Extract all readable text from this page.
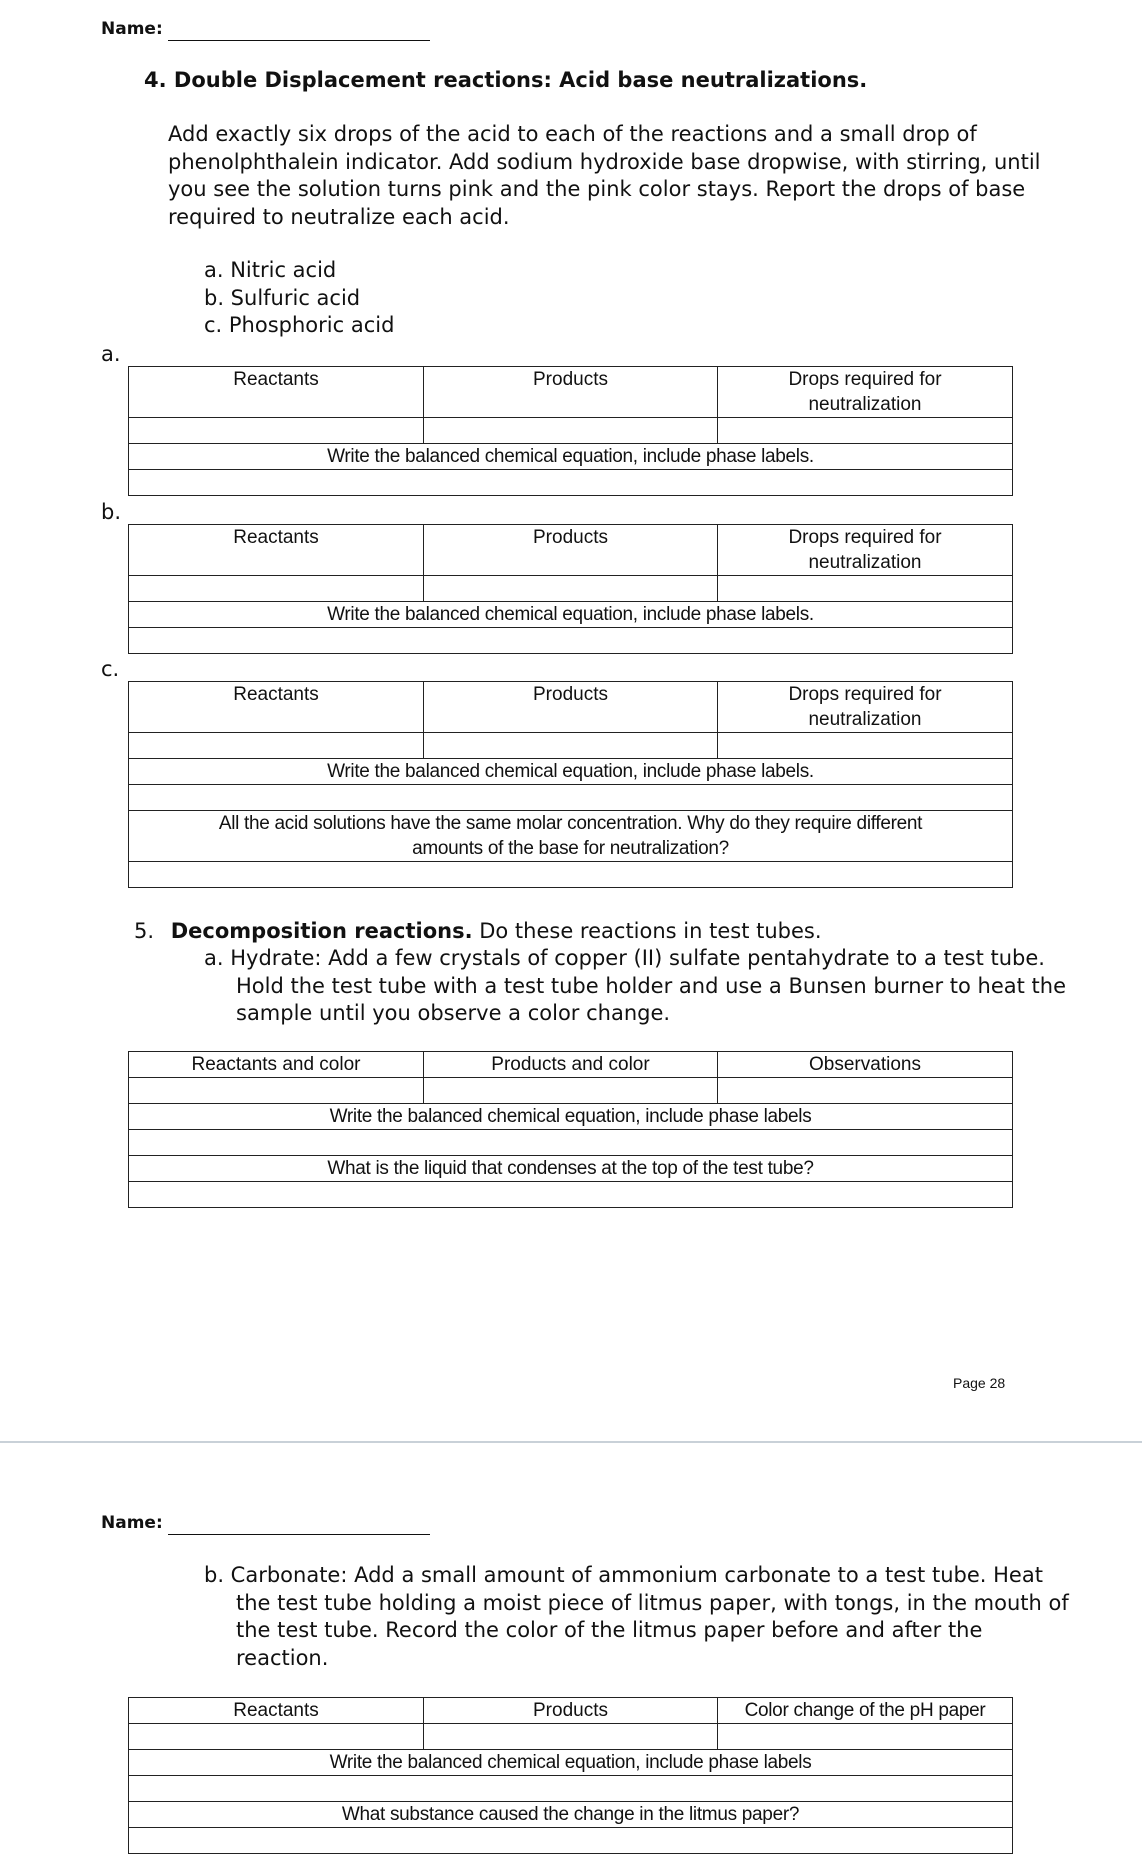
Name:
4. Double Displacement reactions: Acid base neutralizations.
Add exactly six drops of the acid to each of the reactions and a small drop of
phenolphthalein indicator. Add sodium hydroxide base dropwise, with stirring, until
you see the solution turns pink and the pink color stays. Report the drops of base
required to neutralize each acid.
a. Nitric acid
b. Sulfuric acid
c. Phosphoric acid
a.
Reactants	Products	Drops required for
neutralization

Write the balanced chemical equation, include phase labels.		

b.
Reactants	Products	Drops required for
neutralization

Write the balanced chemical equation, include phase labels.		

c.
Reactants	Products	Drops required for
neutralization

Write the balanced chemical equation, include phase labels.		

All the acid solutions have the same molar concentration. Why do they require different
amounts of the base for neutralization?		

5. Decomposition reactions. Do these reactions in test tubes.
a. Hydrate: Add a few crystals of copper (II) sulfate pentahydrate to a test tube.
Hold the test tube with a test tube holder and use a Bunsen burner to heat the
sample until you observe a color change.
Reactants and color	Products and color	Observations

Write the balanced chemical equation, include phase labels		

What is the liquid that condenses at the top of the test tube?		

Page 28
Name:
b. Carbonate: Add a small amount of ammonium carbonate to a test tube. Heat
the test tube holding a moist piece of litmus paper, with tongs, in the mouth of
the test tube. Record the color of the litmus paper before and after the
reaction.
Reactants	Products	Color change of the pH paper

Write the balanced chemical equation, include phase labels		

What substance caused the change in the litmus paper?		
